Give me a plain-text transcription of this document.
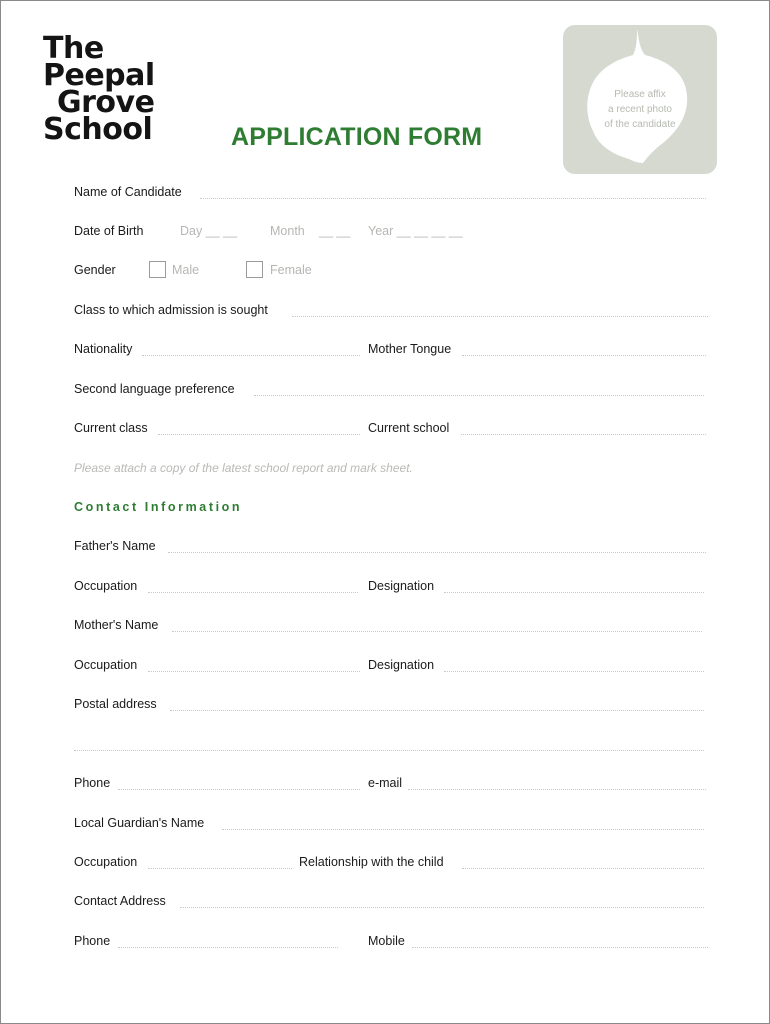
The
Peepal
Grove
School	APPLICATION FORM
Please affix
a recent photo
of the candidate
Name of Candidate
Date of Birth	Day __ __	Month __ __ Year __ __ __ __
Gender	Male	Female
Class to which admission is sought
Nationality	Mother Tongue
Second language preference
Current class	Current school
Please attach a copy of the latest school report and mark sheet.
Contact Information
Father's Name
Occupation	Designation
Mother's Name
Occupation	Designation
Postal address
Phone	e-mail
Local Guardian's Name
Occupation	Relationship with the child
Contact Address
Phone	Mobile
